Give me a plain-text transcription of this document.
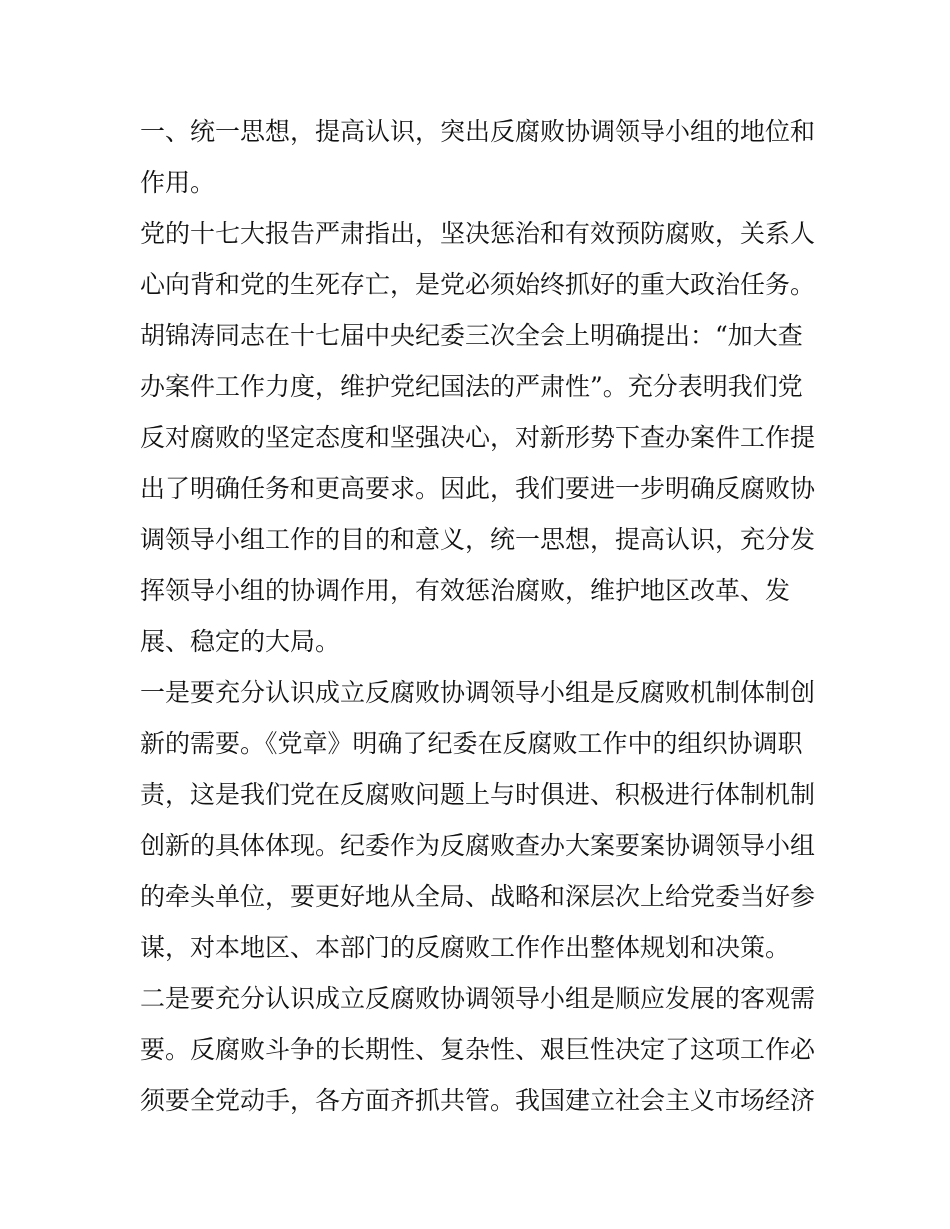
一、统一思想，提高认识，突出反腐败协调领导小组的地位和
作用。

党的十七大报告严肃指出，坚决惩治和有效预防腐败，关系人
心向背和党的生死存亡，是党必须始终抓好的重大政治任务。
胡锦涛同志在十七届中央纪委三次全会上明确提出：“加大查
办案件工作力度，维护党纪国法的严肃性”。充分表明我们党
反对腐败的坚定态度和坚强决心，对新形势下查办案件工作提
出了明确任务和更高要求。因此，我们要进一步明确反腐败协
调领导小组工作的目的和意义，统一思想，提高认识，充分发
挥领导小组的协调作用，有效惩治腐败，维护地区改革、发
展、稳定的大局。

一是要充分认识成立反腐败协调领导小组是反腐败机制体制创
新的需要。《党章》明确了纪委在反腐败工作中的组织协调职
责，这是我们党在反腐败问题上与时俱进、积极进行体制机制
创新的具体体现。纪委作为反腐败查办大案要案协调领导小组
的牵头单位，要更好地从全局、战略和深层次上给党委当好参
谋，对本地区、本部门的反腐败工作作出整体规划和决策。

二是要充分认识成立反腐败协调领导小组是顺应发展的客观需
要。反腐败斗争的长期性、复杂性、艰巨性决定了这项工作必
须要全党动手，各方面齐抓共管。我国建立社会主义市场经济
